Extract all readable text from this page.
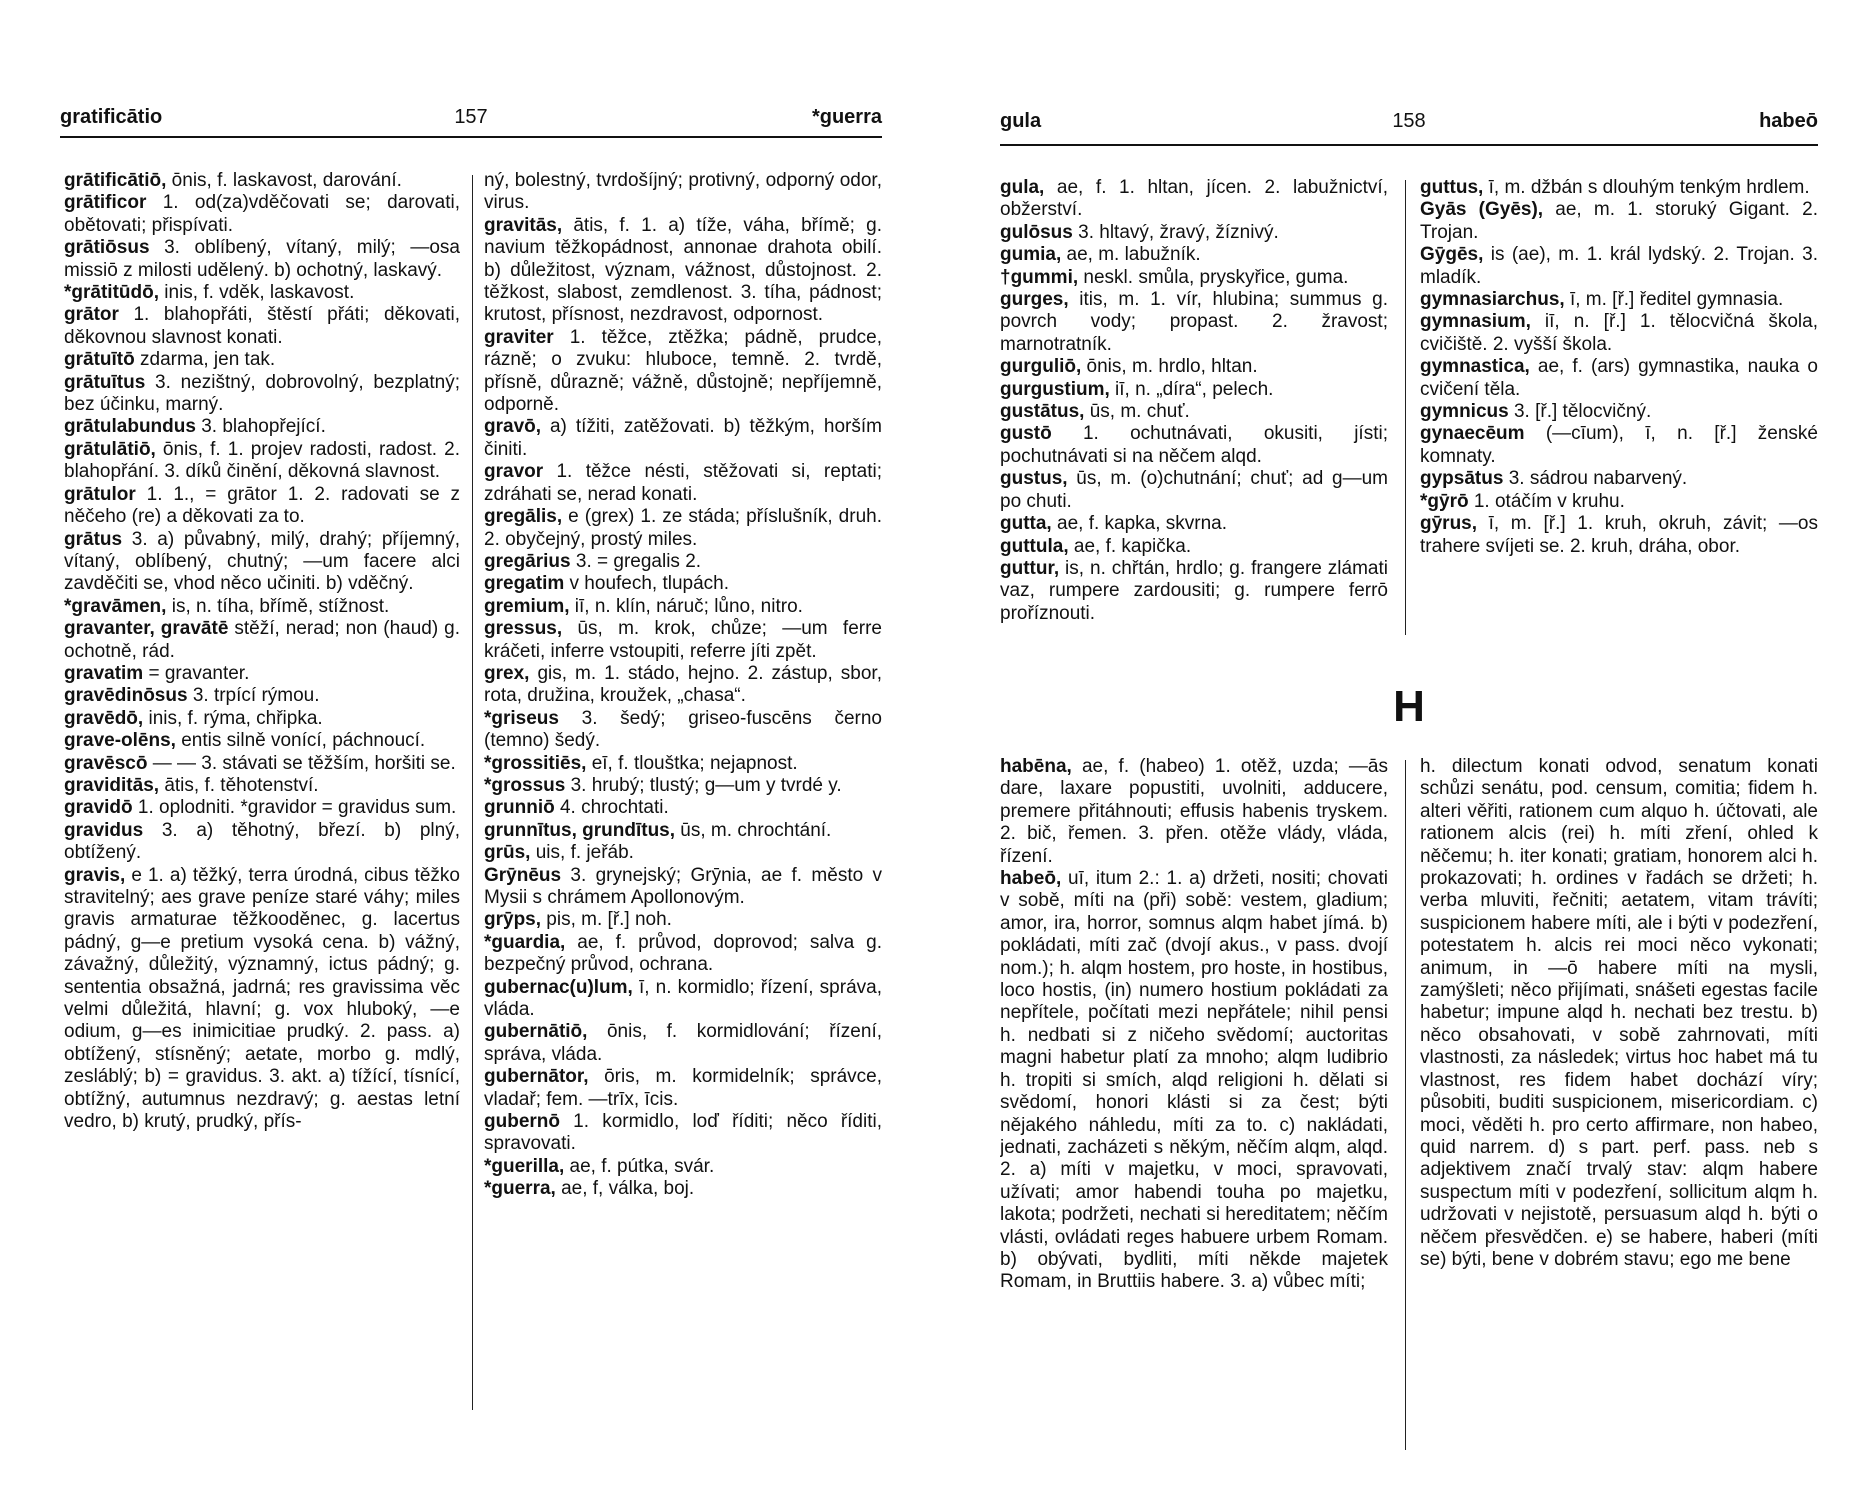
gratificātio	157	*guerra

grātificātiō, ōnis, f. laskavost, darování.

grātificor 1. od(za)vděčovati se; darovati, obětovati; přispívati.

grātiōsus 3. oblíbený, vítaný, milý; —osa missiō z milosti udělený. b) ochotný, laskavý.

*grātitūdō, inis, f. vděk, laskavost.

grātor 1. blahopřáti, štěstí přáti; děkovati, děkovnou slavnost konati.

grātuītō zdarma, jen tak.

grātuītus 3. nezištný, dobrovolný, bezplatný; bez účinku, marný.

grātulabundus 3. blahopřející.

grātulātiō, ōnis, f. 1. projev radosti, radost. 2. blahopřání. 3. díků činění, děkovná slavnost.

grātulor 1. 1., = grātor 1. 2. radovati se z něčeho (re) a děkovati za to.

grātus 3. a) půvabný, milý, drahý; příjemný, vítaný, oblíbený, chutný; —um facere alci zavděčiti se, vhod něco učiniti. b) vděčný.

*gravāmen, is, n. tíha, břímě, stížnost.

gravanter, gravātē stěží, nerad; non (haud) g. ochotně, rád.

gravatim = gravanter.

gravēdinōsus 3. trpící rýmou.

gravēdō, inis, f. rýma, chřipka.

grave-olēns, entis silně vonící, páchnoucí.

gravēscō — — 3. stávati se těžším, horšiti se.

graviditās, ātis, f. těhotenství.

gravidō 1. oplodniti. *gravidor = gravidus sum.

gravidus 3. a) těhotný, březí. b) plný, obtížený.

gravis, e 1. a) těžký, terra úrodná, cibus těžko stravitelný; aes grave peníze staré váhy; miles gravis armaturae těžkooděnec, g. lacertus pádný, g—e pretium vysoká cena. b) vážný, závažný, důležitý, významný, ictus pádný; g. sententia obsažná, jadrná; res gravissima věc velmi důležitá, hlavní; g. vox hluboký, —e odium, g—es inimicitiae prudký. 2. pass. a) obtížený, stísněný; aetate, morbo g. mdlý, zesláblý; b) = gravidus. 3. akt. a) tížící, tísnící, obtížný, autumnus nezdravý; g. aestas letní vedro, b) krutý, prudký, přís-

ný, bolestný, tvrdošíjný; protivný, odporný odor, virus.

gravitās, ātis, f. 1. a) tíže, váha, břímě; g. navium těžkopádnost, annonae drahota obilí. b) důležitost, význam, vážnost, důstojnost. 2. těžkost, slabost, zemdlenost. 3. tíha, pádnost; krutost, přísnost, nezdravost, odpornost.

graviter 1. těžce, ztěžka; pádně, prudce, rázně; o zvuku: hluboce, temně. 2. tvrdě, přísně, důrazně; vážně, důstojně; nepříjemně, odporně.

gravō, a) tížiti, zatěžovati. b) těžkým, horším činiti.

gravor 1. těžce nésti, stěžovati si, reptati; zdráhati se, nerad konati.

gregālis, e (grex) 1. ze stáda; příslušník, druh. 2. obyčejný, prostý miles.

gregārius 3. = gregalis 2.

gregatim v houfech, tlupách.

gremium, iī, n. klín, náruč; lůno, nitro.

gressus, ūs, m. krok, chůze; —um ferre kráčeti, inferre vstoupiti, referre jíti zpět.

grex, gis, m. 1. stádo, hejno. 2. zástup, sbor, rota, družina, kroužek, „chasa“.

*griseus 3. šedý; griseo-fuscēns černo (temno) šedý.

*grossitiēs, eī, f. tlouštka; nejapnost.

*grossus 3. hrubý; tlustý; g—um y tvrdé y.

grunniō 4. chrochtati.

grunnītus, grundītus, ūs, m. chrochtání.

grūs, uis, f. jeřáb.

Grȳnēus 3. grynejský; Grȳnia, ae f. město v Mysii s chrámem Apollonovým.

grȳps, pis, m. [ř.] noh.

*guardia, ae, f. průvod, doprovod; salva g. bezpečný průvod, ochrana.

gubernac(u)lum, ī, n. kormidlo; řízení, správa, vláda.

gubernātiō, ōnis, f. kormidlování; řízení, správa, vláda.

gubernātor, ōris, m. kormidelník; správce, vladař; fem. —trīx, īcis.

gubernō 1. kormidlo, loď říditi; něco říditi, spravovati.

*guerilla, ae, f. pútka, svár.

*guerra, ae, f, válka, boj.

gula	158	habeō

gula, ae, f. 1. hltan, jícen. 2. labužnictví, obžerství.

gulōsus 3. hltavý, žravý, žíznivý.

gumia, ae, m. labužník.

†gummi, neskl. smůla, pryskyřice, guma.

gurges, itis, m. 1. vír, hlubina; summus g. povrch vody; propast. 2. žravost; marnotratník.

gurguliō, ōnis, m. hrdlo, hltan.

gurgustium, iī, n. „díra“, pelech.

gustātus, ūs, m. chuť.

gustō 1. ochutnávati, okusiti, jísti; pochutnávati si na něčem alqd.

gustus, ūs, m. (o)chutnání; chuť; ad g—um po chuti.

gutta, ae, f. kapka, skvrna.

guttula, ae, f. kapička.

guttur, is, n. chřtán, hrdlo; g. frangere zlámati vaz, rumpere zardousiti; g. rumpere ferrō proříznouti.

guttus, ī, m. džbán s dlouhým tenkým hrdlem.

Gyās (Gyēs), ae, m. 1. storuký Gigant. 2. Trojan.

Gȳgēs, is (ae), m. 1. král lydský. 2. Trojan. 3. mladík.

gymnasiarchus, ī, m. [ř.] ředitel gymnasia.

gymnasium, iī, n. [ř.] 1. tělocvičná škola, cvičiště. 2. vyšší škola.

gymnastica, ae, f. (ars) gymnastika, nauka o cvičení těla.

gymnicus 3. [ř.] tělocvičný.

gynaecēum (—cīum), ī, n. [ř.] ženské komnaty.

gypsātus 3. sádrou nabarvený.

*gȳrō 1. otáčím v kruhu.

gȳrus, ī, m. [ř.] 1. kruh, okruh, závit; —os trahere svíjeti se. 2. kruh, dráha, obor.

H

habēna, ae, f. (habeo) 1. otěž, uzda; —ās dare, laxare popustiti, uvolniti, adducere, premere přitáhnouti; effusis habenis tryskem. 2. bič, řemen. 3. přen. otěže vlády, vláda, řízení.

habeō, uī, itum 2.: 1. a) držeti, nositi; chovati v sobě, míti na (při) sobě: vestem, gladium; amor, ira, horror, somnus alqm habet jímá. b) pokládati, míti zač (dvojí akus., v pass. dvojí nom.); h. alqm hostem, pro hoste, in hostibus, loco hostis, (in) numero hostium pokládati za nepřítele, počítati mezi nepřátele; nihil pensi h. nedbati si z ničeho svědomí; auctoritas magni habetur platí za mnoho; alqm ludibrio h. tropiti si smích, alqd religioni h. dělati si svědomí, honori klásti si za čest; býti nějakého náhledu, míti za to. c) nakládati, jednati, zacházeti s někým, něčím alqm, alqd. 2. a) míti v majetku, v moci, spravovati, užívati; amor habendi touha po majetku, lakota; podržeti, nechati si hereditatem; něčím vlásti, ovládati reges habuere urbem Romam. b) obývati, bydliti, míti někde majetek Romam, in Bruttiis habere. 3. a) vůbec míti;

h. dilectum konati odvod, senatum konati schůzi senátu, pod. censum, comitia; fidem h. alteri věřiti, rationem cum alquo h. účtovati, ale rationem alcis (rei) h. míti zření, ohled k něčemu; h. iter konati; gratiam, honorem alci h. prokazovati; h. ordines v řadách se držeti; h. verba mluviti, řečniti; aetatem, vitam trávíti; suspicionem habere míti, ale i býti v podezření, potestatem h. alcis rei moci něco vykonati; animum, in —ō habere míti na mysli, zamýšleti; něco přijímati, snášeti egestas facile habetur; impune alqd h. nechati bez trestu. b) něco obsahovati, v sobě zahrnovati, míti vlastnosti, za následek; virtus hoc habet má tu vlastnost, res fidem habet dochází víry; působiti, buditi suspicionem, misericordiam. c) moci, věděti h. pro certo affirmare, non habeo, quid narrem. d) s part. perf. pass. neb s adjektivem značí trvalý stav: alqm habere suspectum míti v podezření, sollicitum alqm h. udržovati v nejistotě, persuasum alqd h. býti o něčem přesvědčen. e) se habere, haberi (míti se) býti, bene v dobrém stavu; ego me bene
